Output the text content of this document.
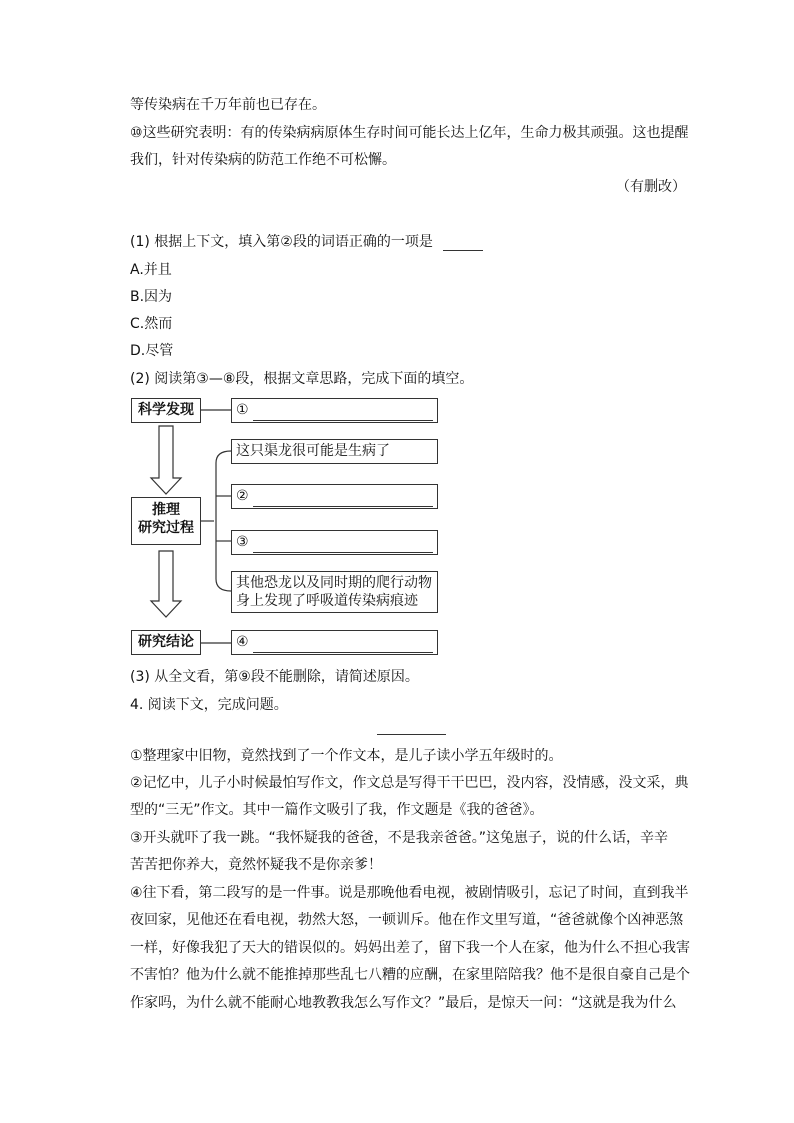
等传染病在千万年前也已存在。
⑩这些研究表明：有的传染病病原体生存时间可能长达上亿年，生命力极其顽强。这也提醒
我们，针对传染病的防范工作绝不可松懈。
（有删改）
(1) 根据上下文，填入第②段的词语正确的一项是
A.并且
B.因为
C.然而
D.尽管
(2) 阅读第③—⑧段，根据文章思路，完成下面的填空。
科学发现
推理
研究过程
研究结论
①
这只渠龙很可能是生病了
②
③
其他恐龙以及同时期的爬行动物
身上发现了呼吸道传染病痕迹
④
(3) 从全文看，第⑨段不能删除，请简述原因。
4. 阅读下文，完成问题。
①整理家中旧物，竟然找到了一个作文本，是儿子读小学五年级时的。
②记忆中，儿子小时候最怕写作文，作文总是写得干干巴巴，没内容，没情感，没文采，典
型的“三无”作文。其中一篇作文吸引了我，作文题是《我的爸爸》。
③开头就吓了我一跳。“我怀疑我的爸爸，不是我亲爸爸。”这兔崽子，说的什么话，辛辛
苦苦把你养大，竟然怀疑我不是你亲爹！
④往下看，第二段写的是一件事。说是那晚他看电视，被剧情吸引，忘记了时间，直到我半
夜回家，见他还在看电视，勃然大怒，一顿训斥。他在作文里写道，“爸爸就像个凶神恶煞
一样，好像我犯了天大的错误似的。妈妈出差了，留下我一个人在家，他为什么不担心我害
不害怕？他为什么就不能推掉那些乱七八糟的应酬，在家里陪陪我？他不是很自豪自己是个
作家吗，为什么就不能耐心地教教我怎么写作文？”最后，是惊天一问：“这就是我为什么
